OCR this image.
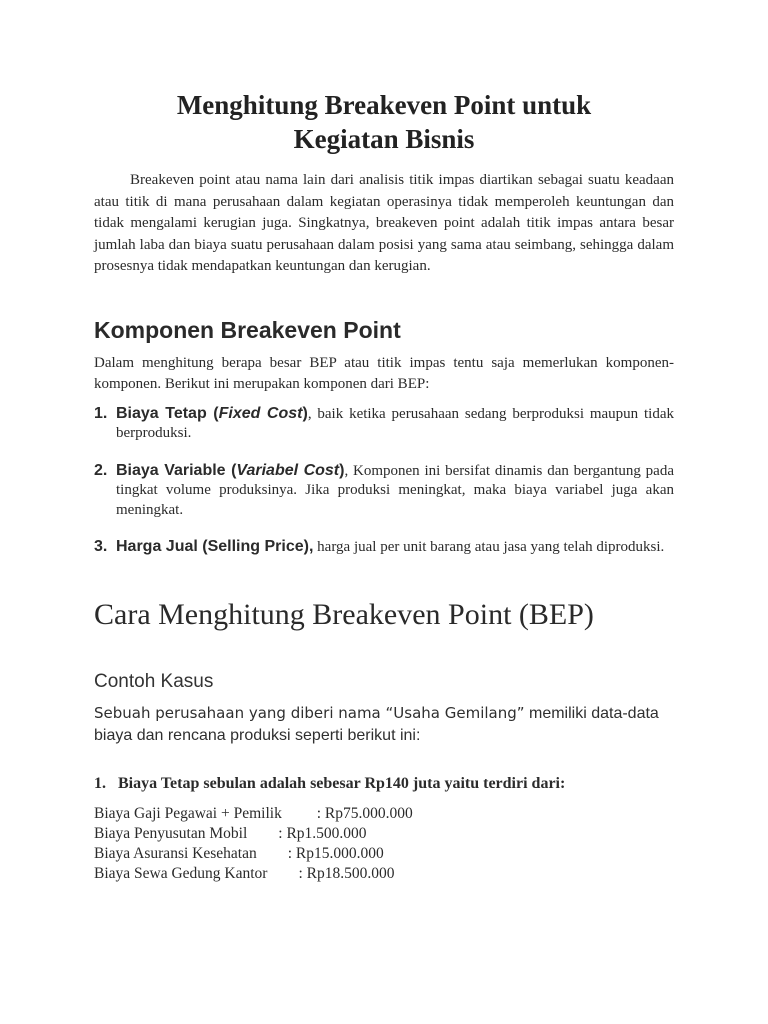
Menghitung Breakeven Point untuk
Kegiatan Bisnis

Breakeven point atau nama lain dari analisis titik impas diartikan sebagai suatu keadaan atau titik di mana perusahaan dalam kegiatan operasinya tidak memperoleh keuntungan dan tidak mengalami kerugian juga. Singkatnya, breakeven point adalah titik impas antara besar jumlah laba dan biaya suatu perusahaan dalam posisi yang sama atau seimbang, sehingga dalam prosesnya tidak mendapatkan keuntungan dan kerugian.

Komponen Breakeven Point

Dalam menghitung berapa besar BEP atau titik impas tentu saja memerlukan komponen-komponen. Berikut ini merupakan komponen dari BEP:

1. Biaya Tetap (Fixed Cost), baik ketika perusahaan sedang berproduksi maupun tidak berproduksi.
2. Biaya Variable (Variabel Cost), Komponen ini bersifat dinamis dan bergantung pada tingkat volume produksinya. Jika produksi meningkat, maka biaya variabel juga akan meningkat.
3. Harga Jual (Selling Price), harga jual per unit barang atau jasa yang telah diproduksi.
Cara Menghitung Breakeven Point (BEP)
Contoh Kasus

Sebuah perusahaan yang diberi nama “Usaha Gemilang” memiliki data-data biaya dan rencana produksi seperti berikut ini:

1. Biaya Tetap sebulan adalah sebesar Rp140 juta yaitu terdiri dari:

Biaya Gaji Pegawai + Pemilik         : Rp75.000.000
Biaya Penyusutan Mobil        : Rp1.500.000
Biaya Asuransi Kesehatan        : Rp15.000.000
Biaya Sewa Gedung Kantor        : Rp18.500.000
